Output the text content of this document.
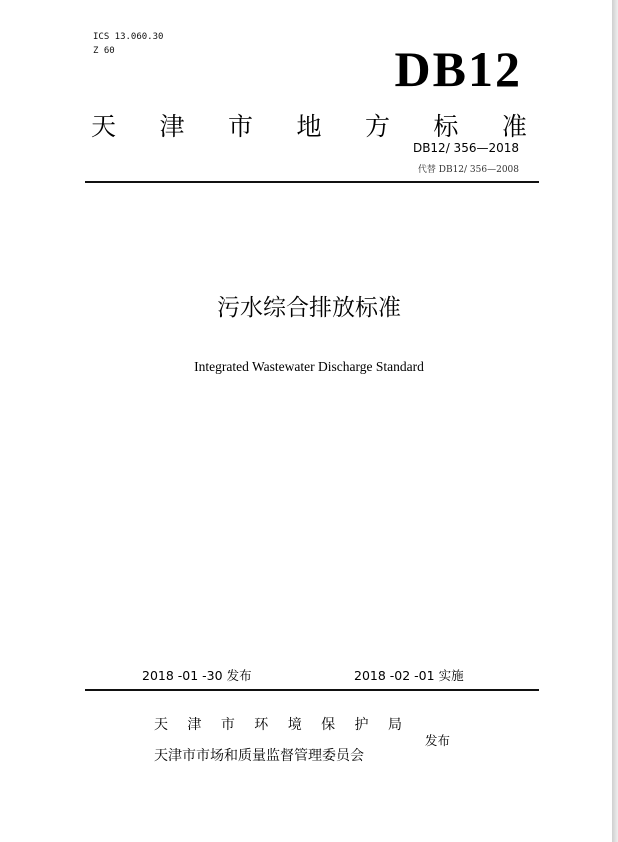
ICS 13.060.30
Z 60	DB12
天 津 市 地 方 标 准
DB12/ 356—2018
代替 DB12/ 356—2008
污水综合排放标准
Integrated Wastewater Discharge Standard
2018 -01 -30 发布	2018 -02 -01 实施
天 津 市 环 境 保 护 局
天津市市场和质量监督管理委员会
发布
